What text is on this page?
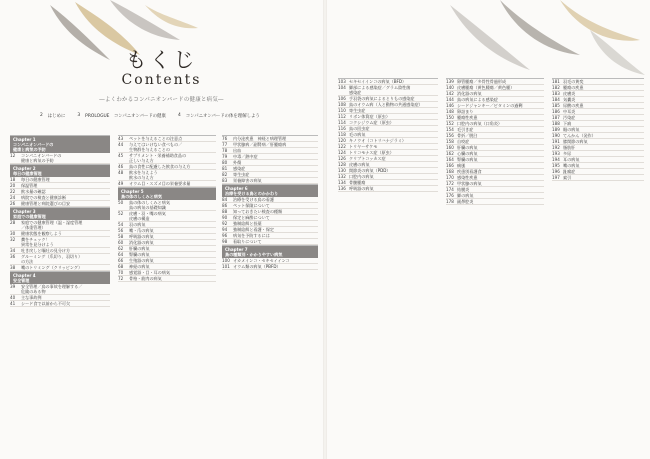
もくじ
Contents
―よくわかるコンパニオンバードの健康と病気―
2 はじめに	3 PROLOGUE　コンパニオンバードの健康	4 コンパニオンバードの体を理解しよう
Chapter 1
コンパニオンバードの
健康と病気の予防
12	コンパニオンバードの
健康と病気の予防
Chapter 2
毎日の健康管理
18	毎日の健康管理
20	保温管理
22	飲水量の確認
24	病院での検査と健康診断
26	健康管理と病院選びの目安
Chapter 3
家庭での健康管理
28	家庭での健康管理（温・湿度管理
／体重管理）
30	健康状態を観察しよう
32	糞をチェック！
異常を見分けよう
34	吐き戻しと嘔吐の見分け方
36	グルーミング（爪切り、羽切り）
の方法
38	嘴のトリミング（クリッピング）
Chapter 4
安全管理
39	安全管理／鳥の事故を理解する／
危険のある物
40	主な事故例
41	シード食で以前から不可欠
43	ペットを与えることの注意点
44	与えてはいけない食べもの／
生物群を与えることの
45	サプリメント・栄養補助食品の
正しい与え方
46	鳥の食性に配慮した飲食の与え方
48	飲水を与えよう
飲水の与え方
49	オウム目・スズメ目の栄養要求量
Chapter 5
鳥の体のしくみと病気
50	鳥の体のしくみと病気
鳥の病気の基礎知識
52	皮膚・羽・嘴の病気
皮膚の構造
54	羽の病気
56	嘴・爪の病気
58	呼吸器の病気
60	消化器の病気
62	肝臓の病気
64	腎臓の病気
66	生殖器の病気
68	神経の病気
70	感覚器・目・耳の病気
72	骨格・筋肉の病気
76	内分泌疾患　神経と病理管理
77	甲状腺病／副腎病／肝腫瘍病
78	出血
79	中毒／熱中症
80	外傷
81	感染症
82	寄生虫症
83	栄養障害の病気
Chapter 6
治療を受ける鳥とのかかわり
84	治療を受ける鳥の看護
86	ペット保険について
88	知っておきたい検査の種類
90	保定と麻酔について
92	強制給餌と投薬
94	強制給餌と看護・保定
96	病気を予防するには
98	看取りについて
Chapter 7
鳥の種類別・かかりやすい病気
100 オカメインコ・セキセイインコ
101 オウム類の病気（PBFD）
103 セキセイインコの病気（BFD）
104 脚部による感染症／グラム陰性菌
感染症
106 手羽袋の病気によるとりもの感染症
108 鳥のオウム病（人と動物の共通感染症）
110 寄生虫症
112 リボン体質症（原虫）
114 コクシジウム症（原虫）
116 鳥の回虫症
118 毛の病気
120 キノウオ（コトリハナジラミ）
122 トリヤーサケモ
124 トリコモナス症（原虫）
126 クリプトコッカス症
128 皮膚の病気
130 関節炎の病気（PDD）
132 口腔内の病気
134 骨髄腫瘍
136 呼吸器の病気
139 卵管腫瘍／多骨性骨過形成
140 皮膚腫瘍（黄色腫瘍／黄色腫）
142 消化器の病気
144 鳥の病気による感染症
146 シードジャンキー／ビタミンの過剰
148 卵詰まり
150 腫瘍性疾患
152 口腔内の病気（口角炎）
154 毛引き症
156 骨折／脱臼
158 自咬症
160 肝臓の病気
162 心臓の病気
164 腎臓の病気
166 痛風
168 疾患別看護食
170 感染性疾患
172 甲状腺の病気
174 結膜炎
176 脚の病気
178 副鼻腔炎
181 羽毛の黄変
182 腫瘍の疾患
183 皮膚炎
184 気嚢炎
185 尿酸の疾患
186 中耳炎
187 汚染症
188 下痢
189 眼の病気
190 てんかん（発作）
191 膝関節の病気
192 脂肪肝
193 多尿
194 耳の病気
195 嘴の病気
196 趾瘤症
197 索引
